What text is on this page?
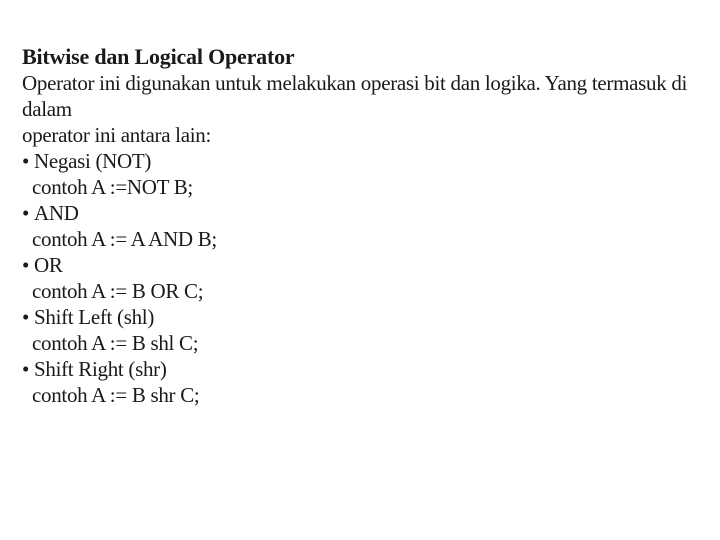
Bitwise dan Logical Operator

Operator ini digunakan untuk melakukan operasi bit dan logika. Yang termasuk di dalam

operator ini antara lain:

• Negasi (NOT)
contoh A :=NOT B;
• AND
contoh A := A AND B;
• OR
contoh A := B OR C;
• Shift Left (shl)
contoh A := B shl C;
• Shift Right (shr)
contoh A := B shr C;
